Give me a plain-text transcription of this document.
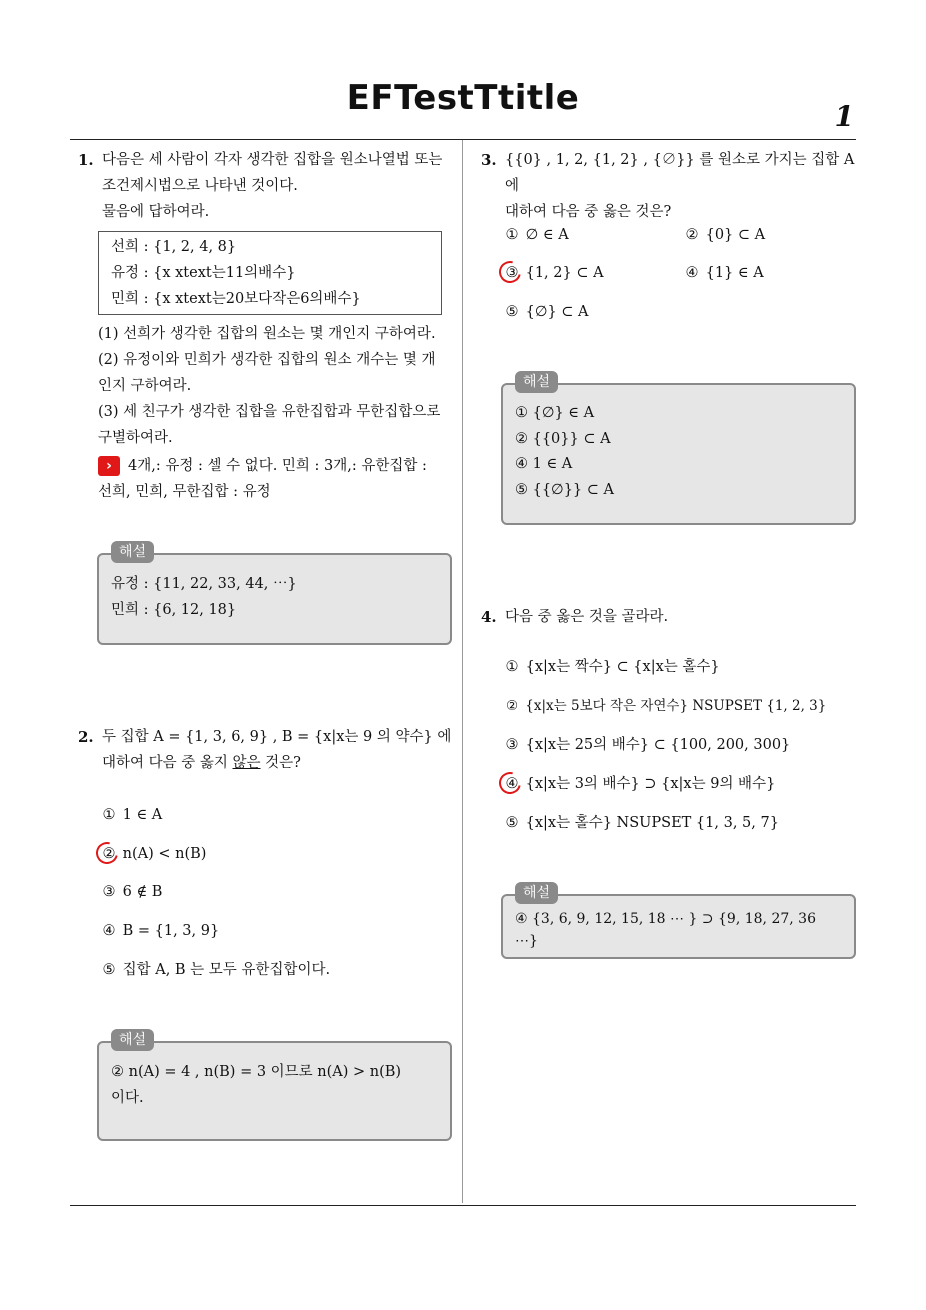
EFTestTtitle	1
1. 다음은 세 사람이 각자 생각한 집합을 원소나열법 또는

조건제시법으로 나타낸 것이다.

물음에 답하여라.

선희 : {1, 2, 4, 8}
유정 : {x xtext는11의배수}
민희 : {x xtext는20보다작은6의배수}

(1) 선희가 생각한 집합의 원소는 몇 개인지 구하여라.

(2) 유정이와 민희가 생각한 집합의 원소 개수는 몇 개

인지 구하여라.

(3) 세 친구가 생각한 집합을 유한집합과 무한집합으로

구별하여라.

› 4개,: 유정 : 셀 수 없다. 민희 : 3개,: 유한집합 :

선희, 민희, 무한집합 : 유정

해설
유정 : {11, 22, 33, 44, ⋯}
민희 : {6, 12, 18}
2. 두 집합 A = {1, 3, 6, 9} , B = {x|x는 9 의 약수} 에

대하여 다음 중 옳지 않은 것은?

① 1 ∈ A
② n(A) < n(B)
③ 6 ∉ B
④ B = {1, 3, 9}
⑤ 집합 A, B 는 모두 유한집합이다.
해설
② n(A) = 4 , n(B) = 3 이므로 n(A) > n(B)
이다.
3. {{0} , 1, 2, {1, 2} , {∅}} 를 원소로 가지는 집합 A 에

대하여 다음 중 옳은 것은?

① ∅ ∈ A	② {0} ⊂ A
③ {1, 2} ⊂ A	④ {1} ∈ A
⑤ {∅} ⊂ A
해설
① {∅} ∈ A
② {{0}} ⊂ A
④ 1 ∈ A
⑤ {{∅}} ⊂ A
4. 다음 중 옳은 것을 골라라.

① {x|x는 짝수} ⊂ {x|x는 홀수}
② {x|x는 5보다 작은 자연수} NSUPSET {1, 2, 3}
③ {x|x는 25의 배수} ⊂ {100, 200, 300}
④ {x|x는 3의 배수} ⊃ {x|x는 9의 배수}
⑤ {x|x는 홀수} NSUPSET {1, 3, 5, 7}
해설
④ {3, 6, 9, 12, 15, 18 ⋯ } ⊃ {9, 18, 27, 36 ⋯}
